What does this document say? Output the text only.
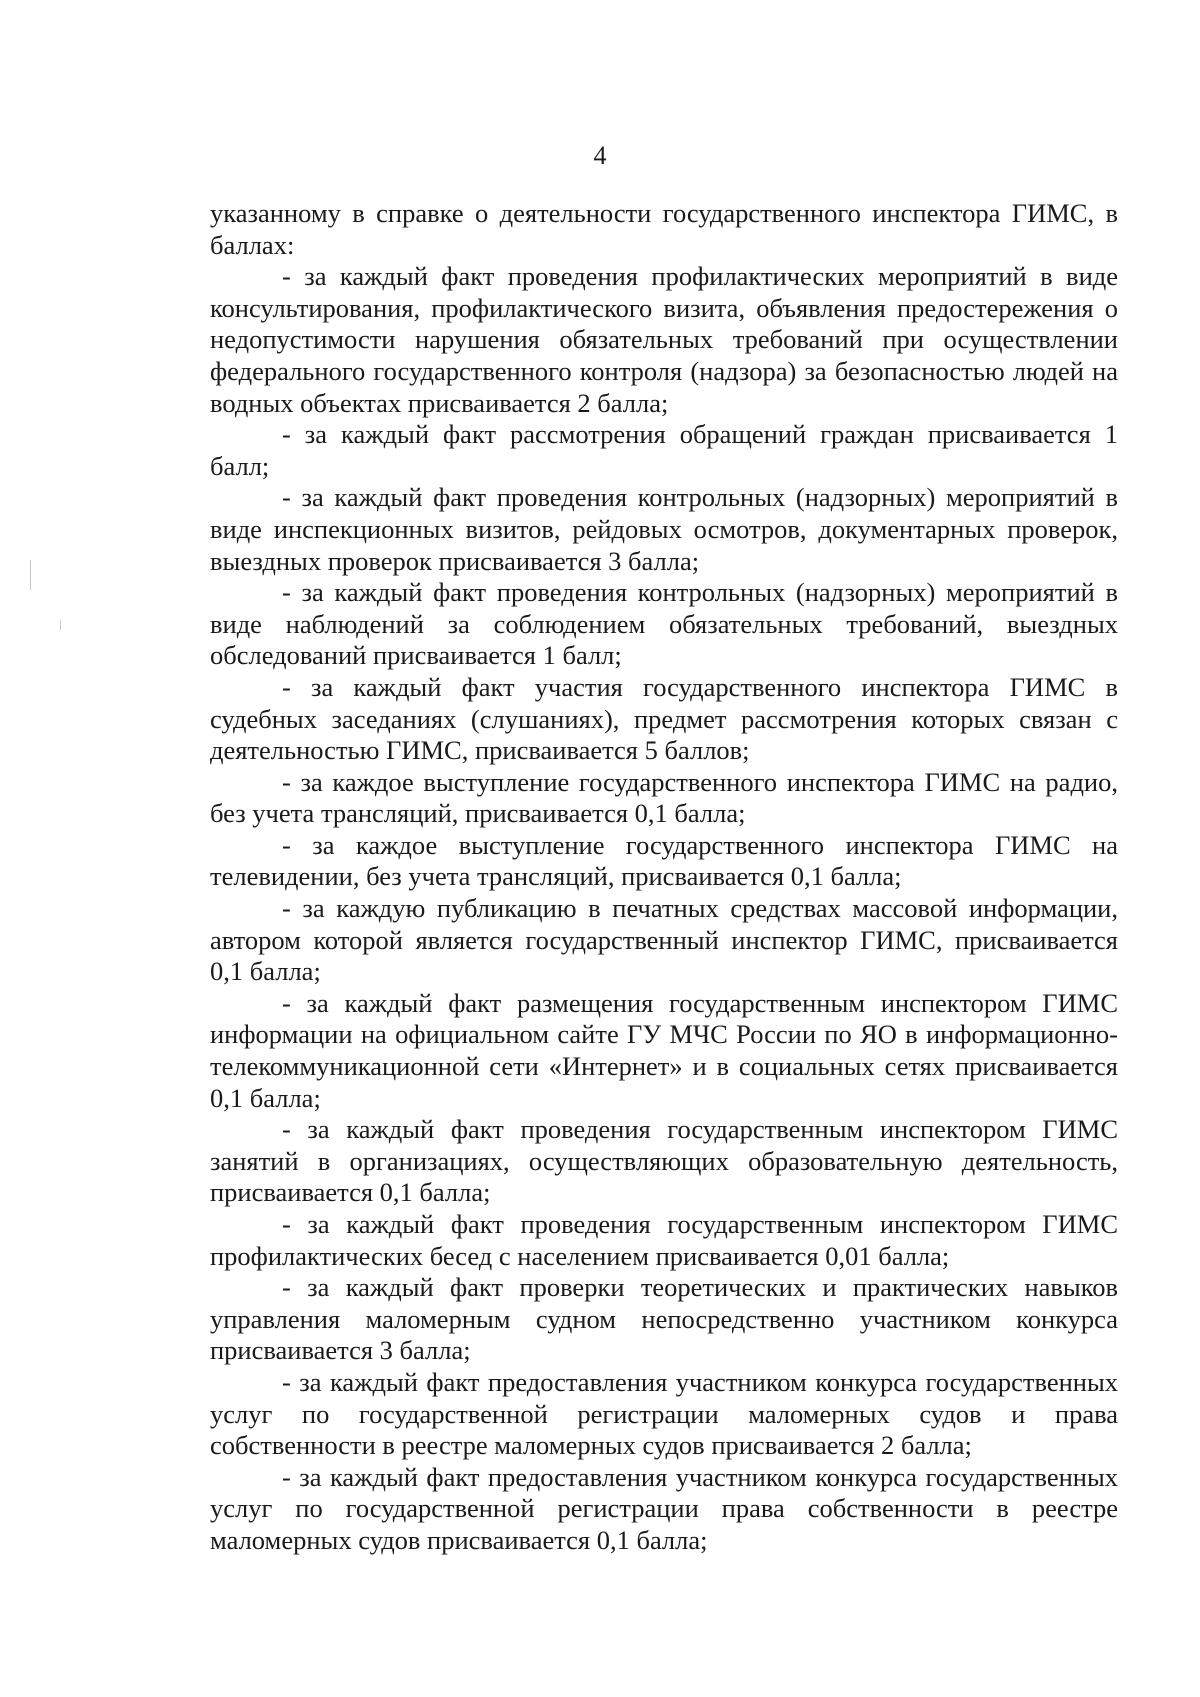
4

указанному в справке о деятельности государственного инспектора ГИМС, в баллах:

- за каждый факт проведения профилактических мероприятий в виде консультирования, профилактического визита, объявления предостережения о недопустимости нарушения обязательных требований при осуществлении федерального государственного контроля (надзора) за безопасностью людей на водных объектах присваивается 2 балла;

- за каждый факт рассмотрения обращений граждан присваивается 1 балл;

- за каждый факт проведения контрольных (надзорных) мероприятий в виде инспекционных визитов, рейдовых осмотров, документарных проверок, выездных проверок присваивается 3 балла;

- за каждый факт проведения контрольных (надзорных) мероприятий в виде наблюдений за соблюдением обязательных требований, выездных обследований присваивается 1 балл;

- за каждый факт участия государственного инспектора ГИМС в судебных заседаниях (слушаниях), предмет рассмотрения которых связан с деятельностью ГИМС, присваивается 5 баллов;

- за каждое выступление государственного инспектора ГИМС на радио, без учета трансляций, присваивается 0,1 балла;

- за каждое выступление государственного инспектора ГИМС на телевидении, без учета трансляций, присваивается 0,1 балла;

- за каждую публикацию в печатных средствах массовой информации, автором которой является государственный инспектор ГИМС, присваивается 0,1 балла;

- за каждый факт размещения государственным инспектором ГИМС информации на официальном сайте ГУ МЧС России по ЯО в информационно-телекоммуникационной сети «Интернет» и в социальных сетях присваивается 0,1 балла;

- за каждый факт проведения государственным инспектором ГИМС занятий в организациях, осуществляющих образовательную деятельность, присваивается 0,1 балла;

- за каждый факт проведения государственным инспектором ГИМС профилактических бесед с населением присваивается 0,01 балла;

- за каждый факт проверки теоретических и практических навыков управления маломерным судном непосредственно участником конкурса присваивается 3 балла;

- за каждый факт предоставления участником конкурса государственных услуг по государственной регистрации маломерных судов и права собственности в реестре маломерных судов присваивается 2 балла;

- за каждый факт предоставления участником конкурса государственных услуг по государственной регистрации права собственности в реестре маломерных судов присваивается 0,1 балла;
